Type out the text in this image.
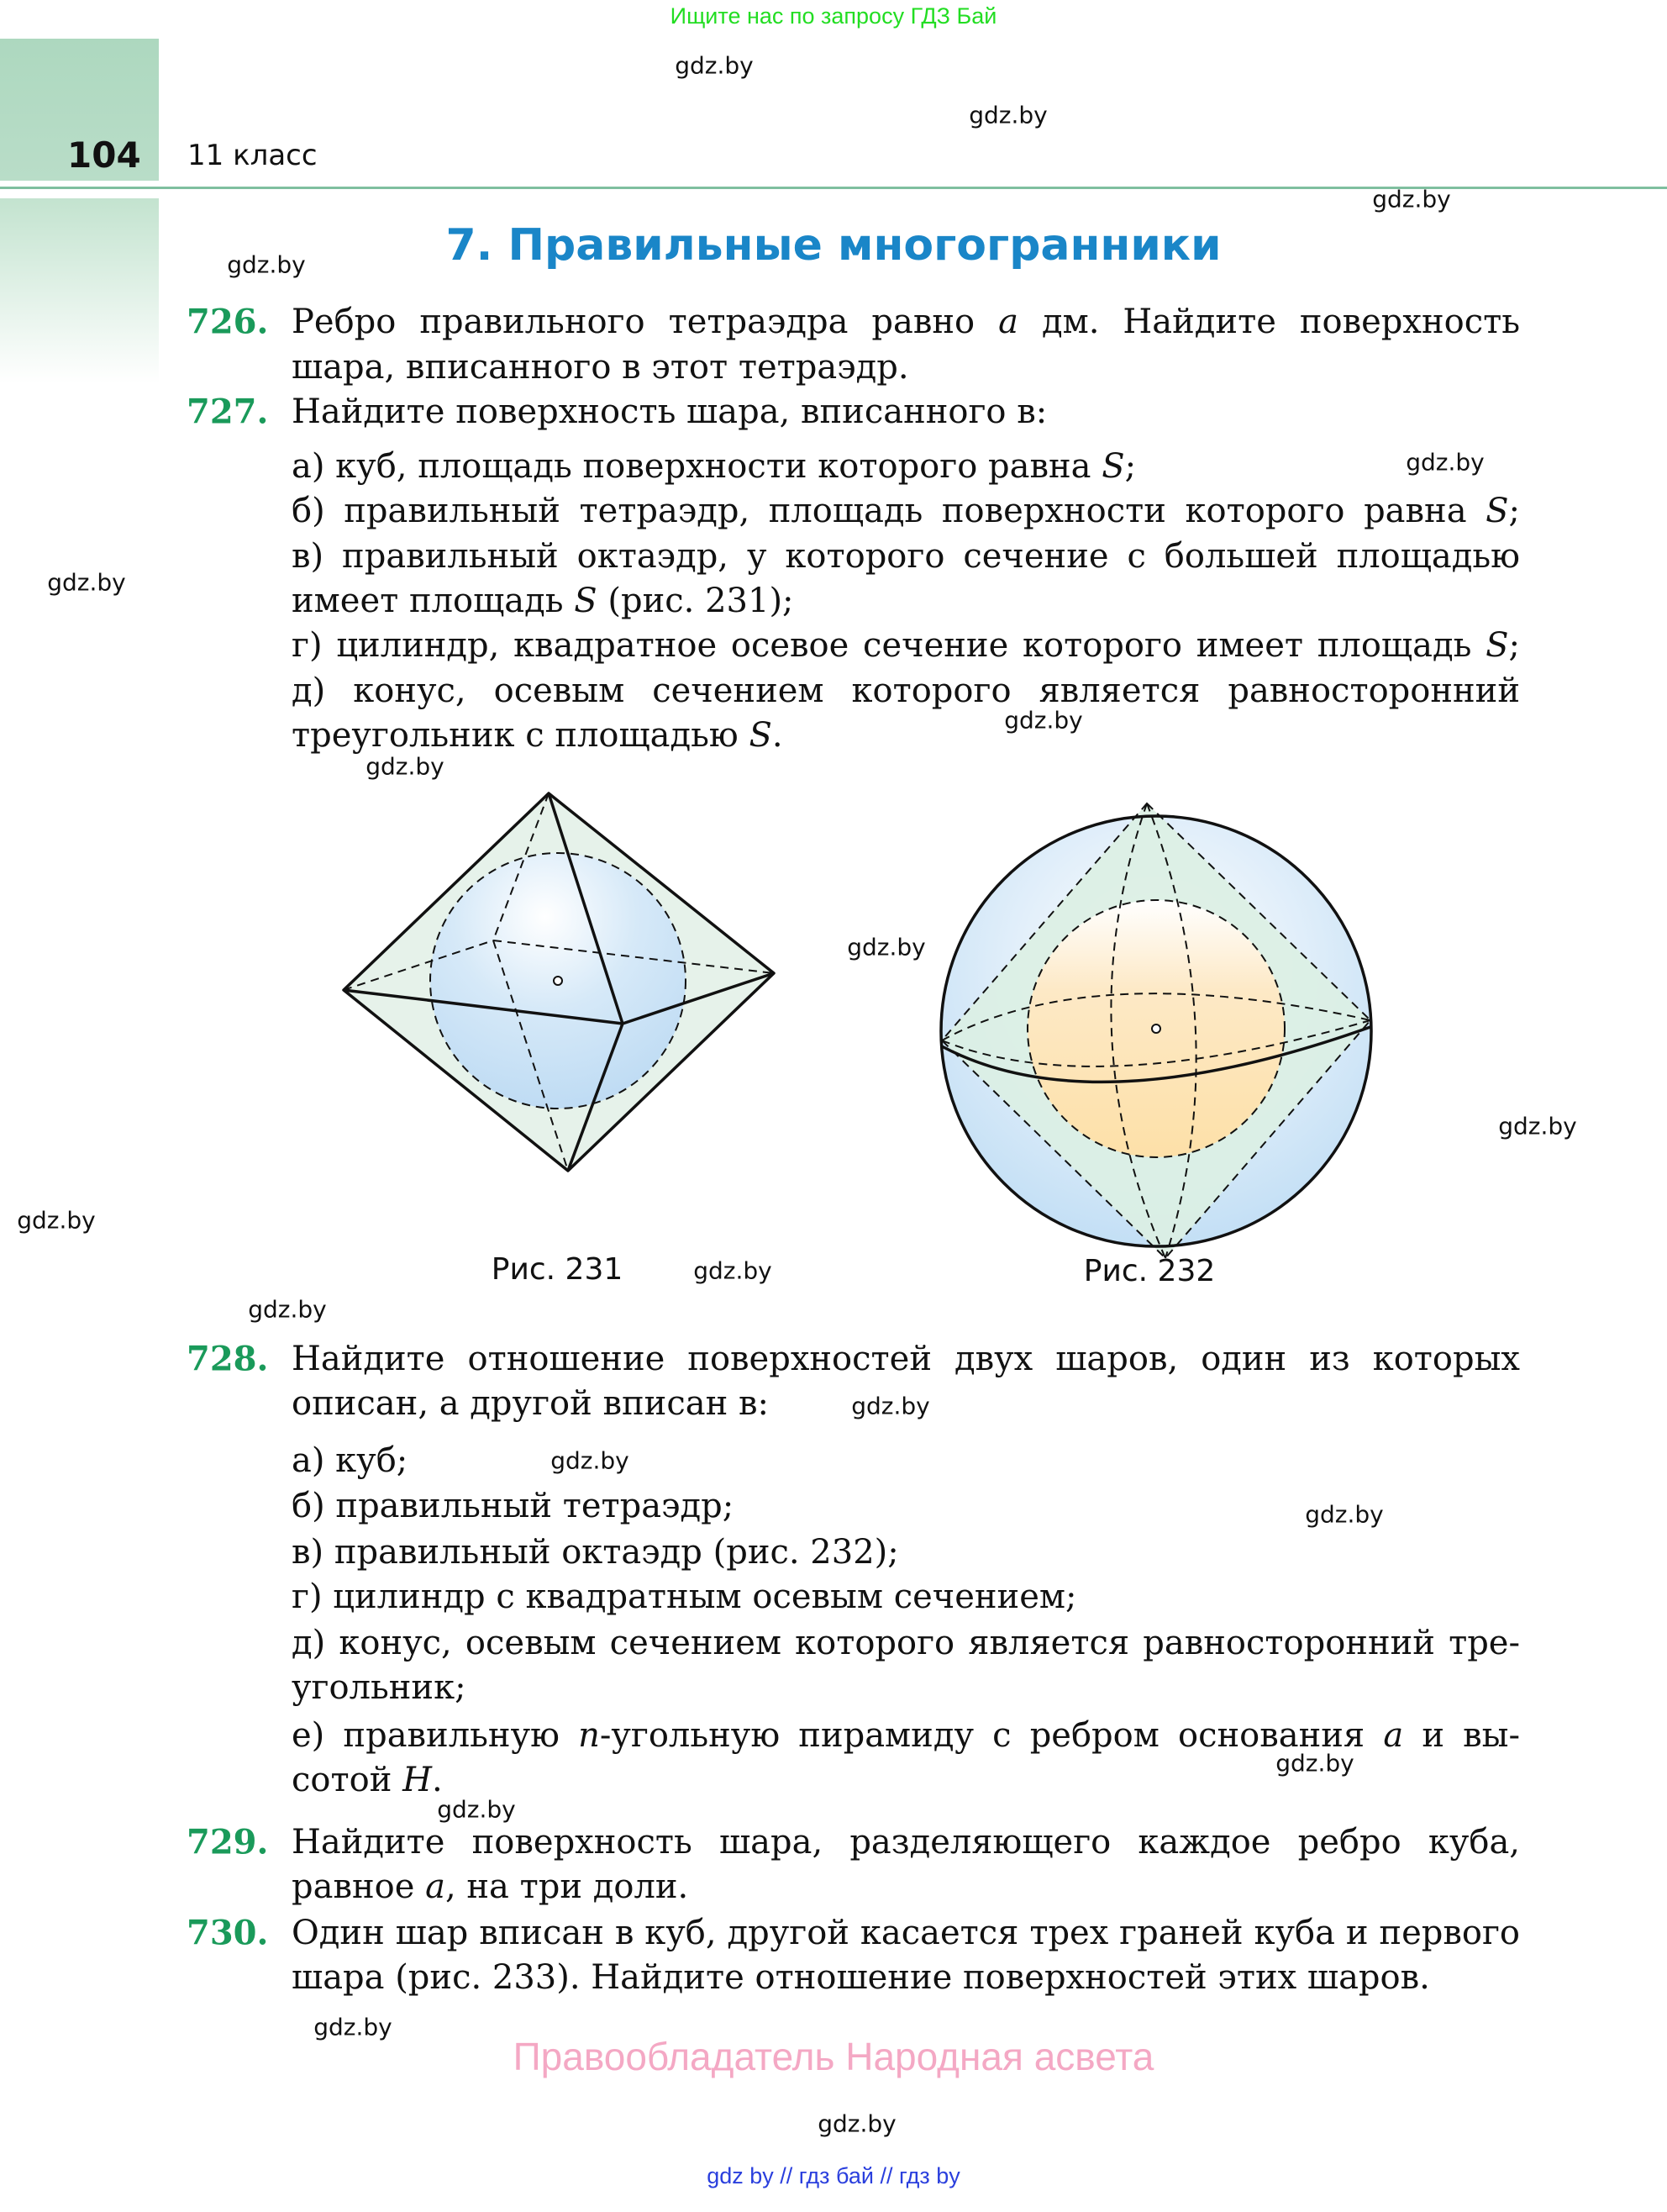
Ищите нас по запросу ГДЗ Бай
104 11 класс
7. Правильные многогранники
726. Ребро правильного тетраэдра равно a дм. Найдите поверхность
шара, вписанного в этот тетраэдр.
727. Найдите поверхность шара, вписанного в:
а) куб, площадь поверхности которого равна S;
б) правильный тетраэдр, площадь поверхности которого равна S;
в) правильный октаэдр, у которого сечение с большей площадью
имеет площадь S (рис. 231);
г) цилиндр, квадратное осевое сечение которого имеет площадь S;
д) конус, осевым сечением которого является равносторонний
треугольник с площадью S.
Рис. 231	Рис. 232
728. Найдите отношение поверхностей двух шаров, один из которых
описан, а другой вписан в:
а) куб;
б) правильный тетраэдр;
в) правильный октаэдр (рис. 232);
г) цилиндр с квадратным осевым сечением;
д) конус, осевым сечением которого является равносторонний тре-
угольник;
е) правильную n-угольную пирамиду с ребром основания a и вы-
сотой H.
729. Найдите поверхность шара, разделяющего каждое ребро куба,
равное a, на три доли.
730. Один шар вписан в куб, другой касается трех граней куба и первого
шара (рис. 233). Найдите отношение поверхностей этих шаров.
gdz.by
gdz.by
gdz.by
gdz.by
gdz.by
gdz.by
gdz.by
gdz.by
gdz.by
gdz.by
gdz.by
gdz.by
gdz.by
gdz.by
gdz.by
gdz.by
gdz.by
gdz.by
gdz.by
gdz.by
Правообладатель Народная асвета
gdz by // гдз бай // гдз by
